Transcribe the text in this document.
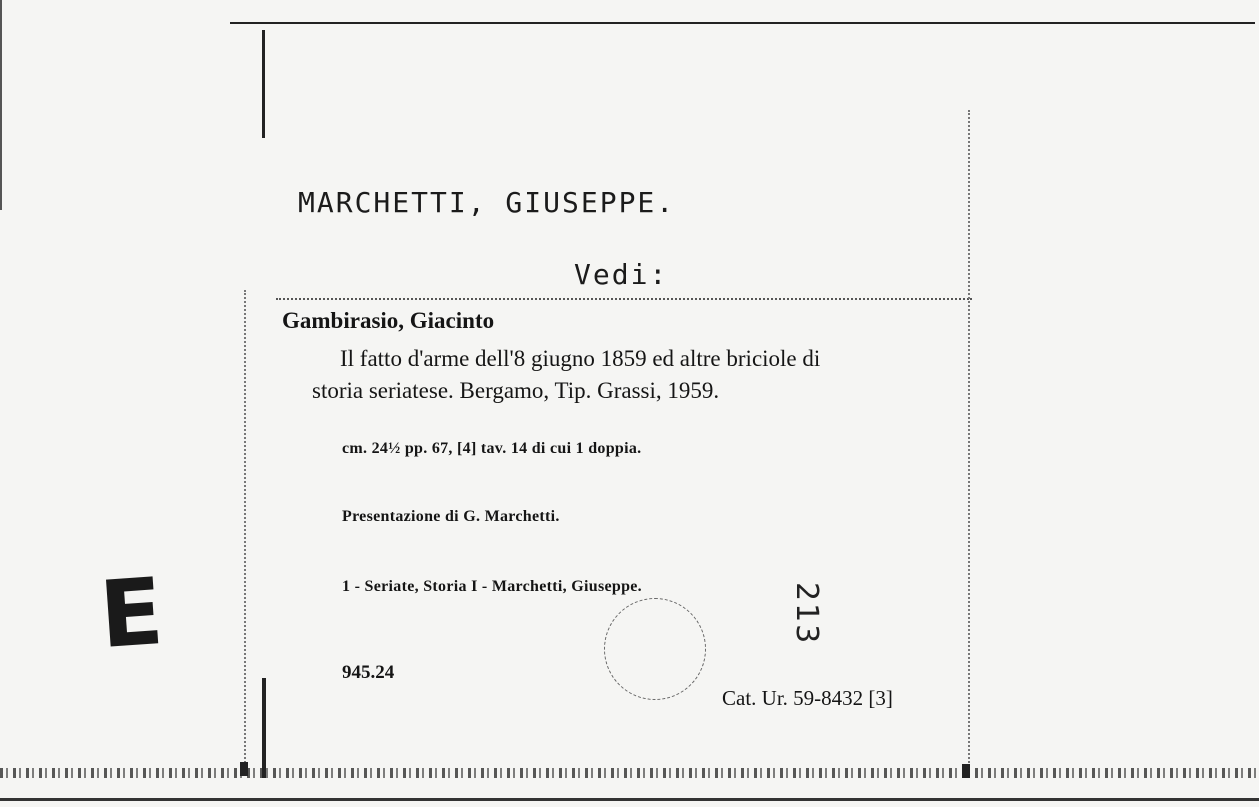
MARCHETTI, GIUSEPPE.
Vedi:
Gambirasio, Giacinto
Il fatto d'arme dell'8 giugno 1859 ed altre briciole di
storia seriatese. Bergamo, Tip. Grassi, 1959.
cm. 24½ pp. 67, [4] tav. 14 di cui 1 doppia.
Presentazione di G. Marchetti.
1 - Seriate, Storia I - Marchetti, Giuseppe.
945.24
Cat. Ur. 59-8432 [3]
213
E
